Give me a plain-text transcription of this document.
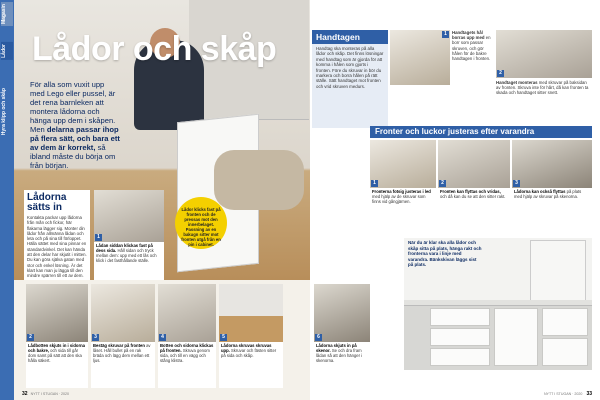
Magasin
Lådor
Hyra klipp och skåp
Lådor och skåp

För alla som vuxit upp med Lego eller pussel, är det rena barnleken att montera lådorna och hänga upp dem i skåpen. Men delarna passar ihop på flera sätt, och bara ett av dem är korrekt, så ibland måste du börja om från början.

Lådor klicks fast på fronten och de pressas mot den innerbelaget. Passning av en bakugn sitter mot fronten utgå från en pin i cabinet.
Lådorna sätts in

Kontakta packar upp lådorna från mån och fickor, här flakarna lägger sig. Monter din lådor från allmänna lådan och leta och på sina till förloppet. Hälla sättet med sina pinnar en standardvinkel. Det kan hända att den delar har skjutit i mitten. Du kan göra själva gatan med stor och enkel lösning. Är det klart kan man ju lägga till den mindre spärren till ett av dem.

1

Lådan siddan klickas fast på dess sida. Håll sidan och tryck mellan dem: upp med ett lås och klick i det fasthållande ställe.

2

Lådbotten skjuts in i sidorna och bakre, och sida till går dom samt på sätt att den ska hålla säkert.

3

Bestäg skruvar på fronten av låset. Håll bullet på en rak bräda och lägg dem mellan ett ljus.

4

Botten och sidorna klickas på fronten. Skruva genom sida, och till en vägg och stång klistra.

5

Lådorna skruvas skruvas upp. Skruvar och fästen sitter på sida och skåp.

32 NYTT I STUGAN · 2020
6

Lådorna skjuts in på skenor. Se och dra fram lådan så att den hänger i skenorna.

Handtagen

Handtag ska monteras på alla lådor och skåp. Det finns lösningar med handtag som är gjorda för att komma i hålen som gjorts i fronten. Före du skruvar in bör du markera och borra hålen på rätt ställe. Sätt handtaget mot fronten och vrid skruven medurs.

1	Handtagets hål borras upp med en borr som passar skruven, och gör hålen för de bakre handtagen i fronten.

2

Handtaget monteras med skruvar på baksidan av fronten. Skruva inte för hårt, då kan fronten ta skada och handtaget sitter snett.

Fronter och luckor justeras efter varandra
1

Fronterna fotsig justeras i led med hjälp av de skruvar som finns vid gångjärnen.

2

Fronten kan flyttas och vridas, och då kan du se att den sitter rakt.

3

Lådorna kan också flyttas på plats med hjälp av skruvar på skenorna.

När du är klar ska alla lådor och skåp sitta på plats, hänga rakt och fronterna vara i linje med varandra. Bänkskivan läggs sist på plats.

NYTT I STUGAN · 2020 33
